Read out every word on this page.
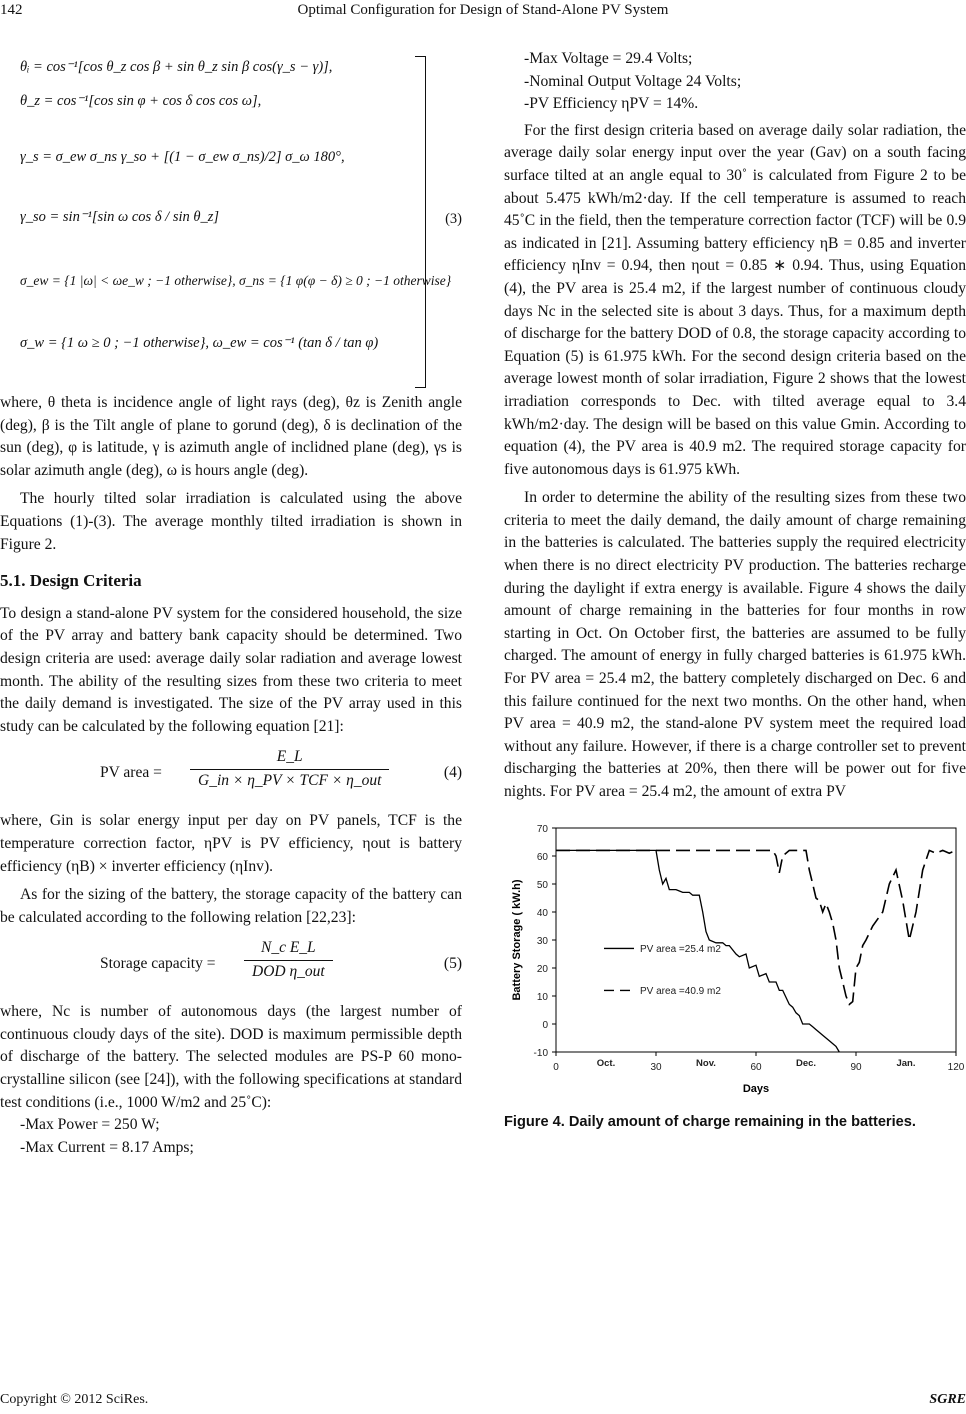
142	Optimal Configuration for Design of Stand-Alone PV System
θᵢ = cos⁻¹[cos θ_z cos β + sin θ_z sin β cos(γ_s − γ)],
θ_z = cos⁻¹[cos sin φ + cos δ cos cos ω],
γ_s = σ_ew σ_ns γ_so + [(1 − σ_ew σ_ns)/2] σ_ω 180°,
γ_so = sin⁻¹[sin ω cos δ / sin θ_z]
σ_ew = {1 |ω| < ωe_w ; −1 otherwise}, σ_ns = {1 φ(φ − δ) ≥ 0 ; −1 otherwise}
σ_w = {1 ω ≥ 0 ; −1 otherwise}, ω_ew = cos⁻¹ (tan δ / tan φ)
(3)

where, θ theta is incidence angle of light rays (deg), θz is Zenith angle (deg), β is the Tilt angle of plane to gorund (deg), δ is declination of the sun (deg), φ is latitude, γ is azimuth angle of inclidned plane (deg), γs is solar azimuth angle (deg), ω is hours angle (deg).

The hourly tilted solar irradiation is calculated using the above Equations (1)-(3). The average monthly tilted irradiation is shown in Figure 2.

5.1. Design Criteria

To design a stand-alone PV system for the considered household, the size of the PV array and battery bank capacity should be determined. Two design criteria are used: average daily solar radiation and average lowest month. The ability of the resulting sizes from these two criteria to meet the daily demand is investigated. The size of the PV array used in this study can be calculated by the following equation [21]:

PV area =
E_L
G_in × η_PV × TCF × η_out	(4)

where, Gin is solar energy input per day on PV panels, TCF is the temperature correction factor, ηPV is PV efficiency, ηout is battery efficiency (ηB) × inverter efficiency (ηInv).

As for the sizing of the battery, the storage capacity of the battery can be calculated according to the following relation [22,23]:

Storage capacity =
N_c E_L
DOD η_out	(5)

where, Nc is number of autonomous days (the largest number of continuous cloudy days of the site). DOD is maximum permissible depth of discharge of the battery. The selected modules are PS-P 60 mono-crystalline silicon (see [24]), with the following specifications at standard test conditions (i.e., 1000 W/m2 and 25˚C):

-Max Power = 250 W;

-Max Current = 8.17 Amps;

-Max Voltage = 29.4 Volts;

-Nominal Output Voltage 24 Volts;

-PV Efficiency ηPV = 14%.

For the first design criteria based on average daily solar radiation, the average daily solar energy input over the year (Gav) on a south facing surface tilted at an angle equal to 30˚ is calculated from Figure 2 to be about 5.475 kWh/m2·day. If the cell temperature is assumed to reach 45˚C in the field, then the temperature correction factor (TCF) will be 0.9 as indicated in [21]. Assuming battery efficiency ηB = 0.85 and inverter efficiency ηInv = 0.94, then ηout = 0.85 ∗ 0.94. Thus, using Equation (4), the PV area is 25.4 m2, if the largest number of continuous cloudy days Nc in the selected site is about 3 days. Thus, for a maximum depth of discharge for the battery DOD of 0.8, the storage capacity according to Equation (5) is 61.975 kWh. For the second design criteria based on the average lowest month of solar irradiation, Figure 2 shows that the lowest irradiation corresponds to Dec. with tilted average equal to 3.4 kWh/m2·day. The design will be based on this value Gmin. According to equation (4), the PV area is 40.9 m2. The required storage capacity for five autonomous days is 61.975 kWh.

In order to determine the ability of the resulting sizes from these two criteria to meet the daily demand, the daily amount of charge remaining in the batteries is calculated. The batteries supply the required electricity when there is no direct electricity PV production. The batteries recharge during the daylight if extra energy is available. Figure 4 shows the daily amount of charge remaining in the batteries for four months in row starting in Oct. On October first, the batteries are assumed to be fully charged. The amount of energy in fully charged batteries is 61.975 kWh. For PV area = 25.4 m2, the battery completely discharged on Dec. 6 and this failure continued for the next two months. On the other hand, when PV area = 40.9 m2, the stand-alone PV system meet the required load without any failure. However, if there is a charge controller set to prevent discharging the batteries at 20%, then there will be power out for five nights. For PV area = 25.4 m2, the amount of extra PV

-10
0
10
20
30
40
50
60
70
0	30	60	90	120
Oct.	Nov.	Dec.	Jan.
Days
Battery Storage ( kW.h)	PV area =25.4 m2
PV area =40.9 m2
Figure 4. Daily amount of charge remaining in the batteries.
Copyright © 2012 SciRes.	SGRE
